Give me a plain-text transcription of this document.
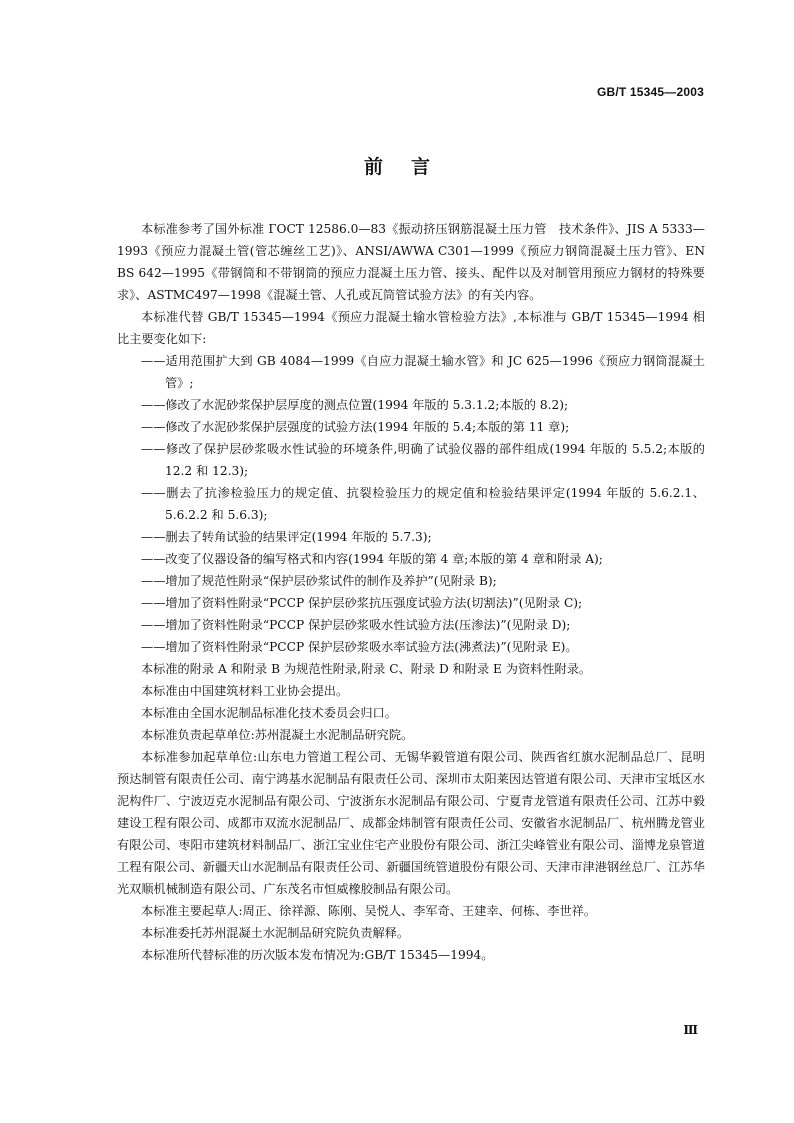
GB/T 15345—2003
前言

本标准参考了国外标准 ГОСТ 12586.0—83《振动挤压钢筋混凝土压力管　技术条件》、JIS A 5333—1993《预应力混凝土管(管芯缠丝工艺)》、ANSI/AWWA C301—1999《预应力钢筒混凝土压力管》、EN BS 642—1995《带钢筒和不带钢筒的预应力混凝土压力管、接头、配件以及对制管用预应力钢材的特殊要求》、ASTMC497—1998《混凝土管、人孔或瓦筒管试验方法》的有关内容。

本标准代替 GB/T 15345—1994《预应力混凝土输水管检验方法》,本标准与 GB/T 15345—1994 相比主要变化如下:

——适用范围扩大到 GB 4084—1999《自应力混凝土输水管》和 JC 625—1996《预应力钢筒混凝土管》;

——修改了水泥砂浆保护层厚度的测点位置(1994 年版的 5.3.1.2;本版的 8.2);

——修改了水泥砂浆保护层强度的试验方法(1994 年版的 5.4;本版的第 11 章);

——修改了保护层砂浆吸水性试验的环境条件,明确了试验仪器的部件组成(1994 年版的 5.5.2;本版的 12.2 和 12.3);

——删去了抗渗检验压力的规定值、抗裂检验压力的规定值和检验结果评定(1994 年版的 5.6.2.1、5.6.2.2 和 5.6.3);

——删去了转角试验的结果评定(1994 年版的 5.7.3);

——改变了仪器设备的编写格式和内容(1994 年版的第 4 章;本版的第 4 章和附录 A);

——增加了规范性附录“保护层砂浆试件的制作及养护”(见附录 B);

——增加了资料性附录“PCCP 保护层砂浆抗压强度试验方法(切割法)”(见附录 C);

——增加了资料性附录“PCCP 保护层砂浆吸水性试验方法(压渗法)”(见附录 D);

——增加了资料性附录“PCCP 保护层砂浆吸水率试验方法(沸煮法)”(见附录 E)。

本标准的附录 A 和附录 B 为规范性附录,附录 C、附录 D 和附录 E 为资料性附录。

本标准由中国建筑材料工业协会提出。

本标准由全国水泥制品标准化技术委员会归口。

本标准负责起草单位:苏州混凝土水泥制品研究院。

本标准参加起草单位:山东电力管道工程公司、无锡华毅管道有限公司、陕西省红旗水泥制品总厂、昆明预达制管有限责任公司、南宁鸿基水泥制品有限责任公司、深圳市太阳莱因达管道有限公司、天津市宝坻区水泥构件厂、宁波迈克水泥制品有限公司、宁波浙东水泥制品有限公司、宁夏青龙管道有限责任公司、江苏中毅建设工程有限公司、成都市双流水泥制品厂、成都金炜制管有限责任公司、安徽省水泥制品厂、杭州腾龙管业有限公司、枣阳市建筑材料制品厂、浙江宝业住宅产业股份有限公司、浙江尖峰管业有限公司、淄博龙泉管道工程有限公司、新疆天山水泥制品有限责任公司、新疆国统管道股份有限公司、天津市津港钢丝总厂、江苏华光双顺机械制造有限公司、广东茂名市恒威橡胶制品有限公司。

本标准主要起草人:周正、徐祥源、陈刚、吴悦人、李军奇、王建幸、何栋、李世祥。

本标准委托苏州混凝土水泥制品研究院负责解释。

本标准所代替标准的历次版本发布情况为:GB/T 15345—1994。

Ⅲ
